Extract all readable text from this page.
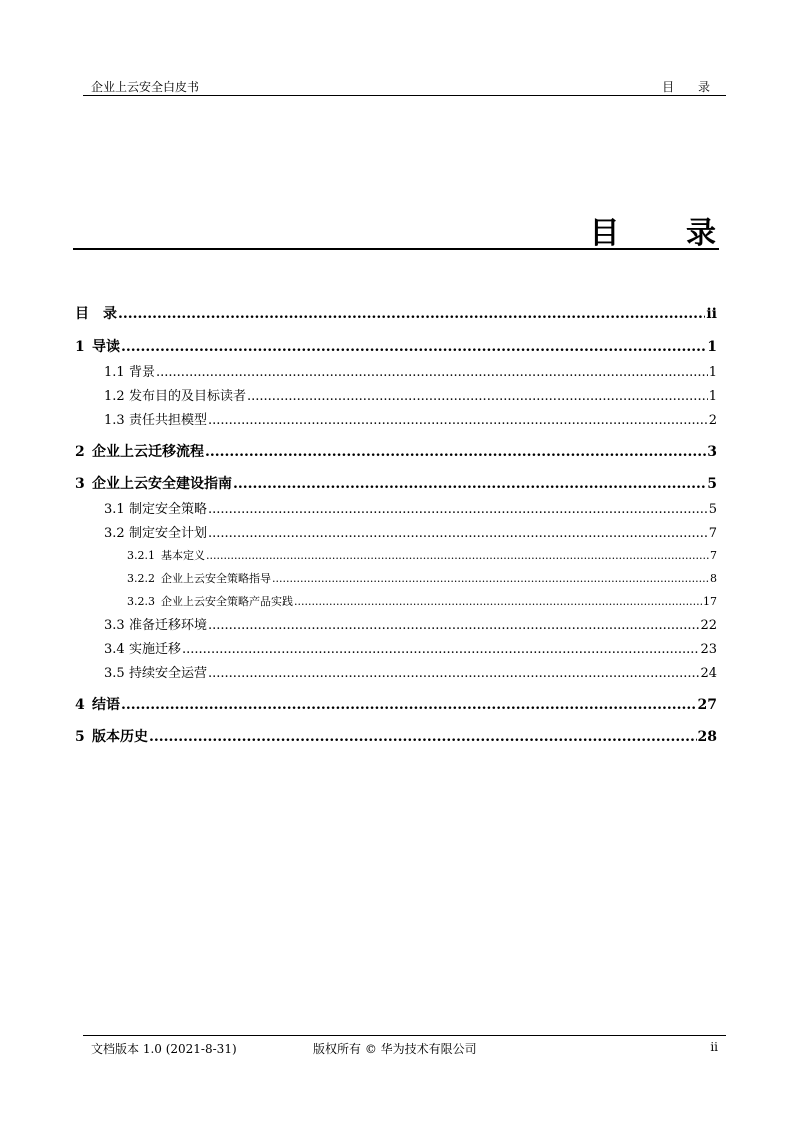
企业上云安全白皮书	目 录
目 录
目　录 .....	ii
1 导读 .....	1
1.1 背景 .....	1
1.2 发布目的及目标读者 .....	1
1.3 责任共担模型 .....	2
2 企业上云迁移流程 .....	3
3 企业上云安全建设指南 .....	5
3.1 制定安全策略 .....	5
3.2 制定安全计划 .....	7
3.2.1 基本定义 .....	7
3.2.2 企业上云安全策略指导 .....	8
3.2.3 企业上云安全策略产品实践 .....	17
3.3 准备迁移环境 .....	22
3.4 实施迁移 .....	23
3.5 持续安全运营 .....	24
4 结语 .....	27
5 版本历史 .....	28
文档版本 1.0 (2021-8-31)	版权所有 © 华为技术有限公司	ii
